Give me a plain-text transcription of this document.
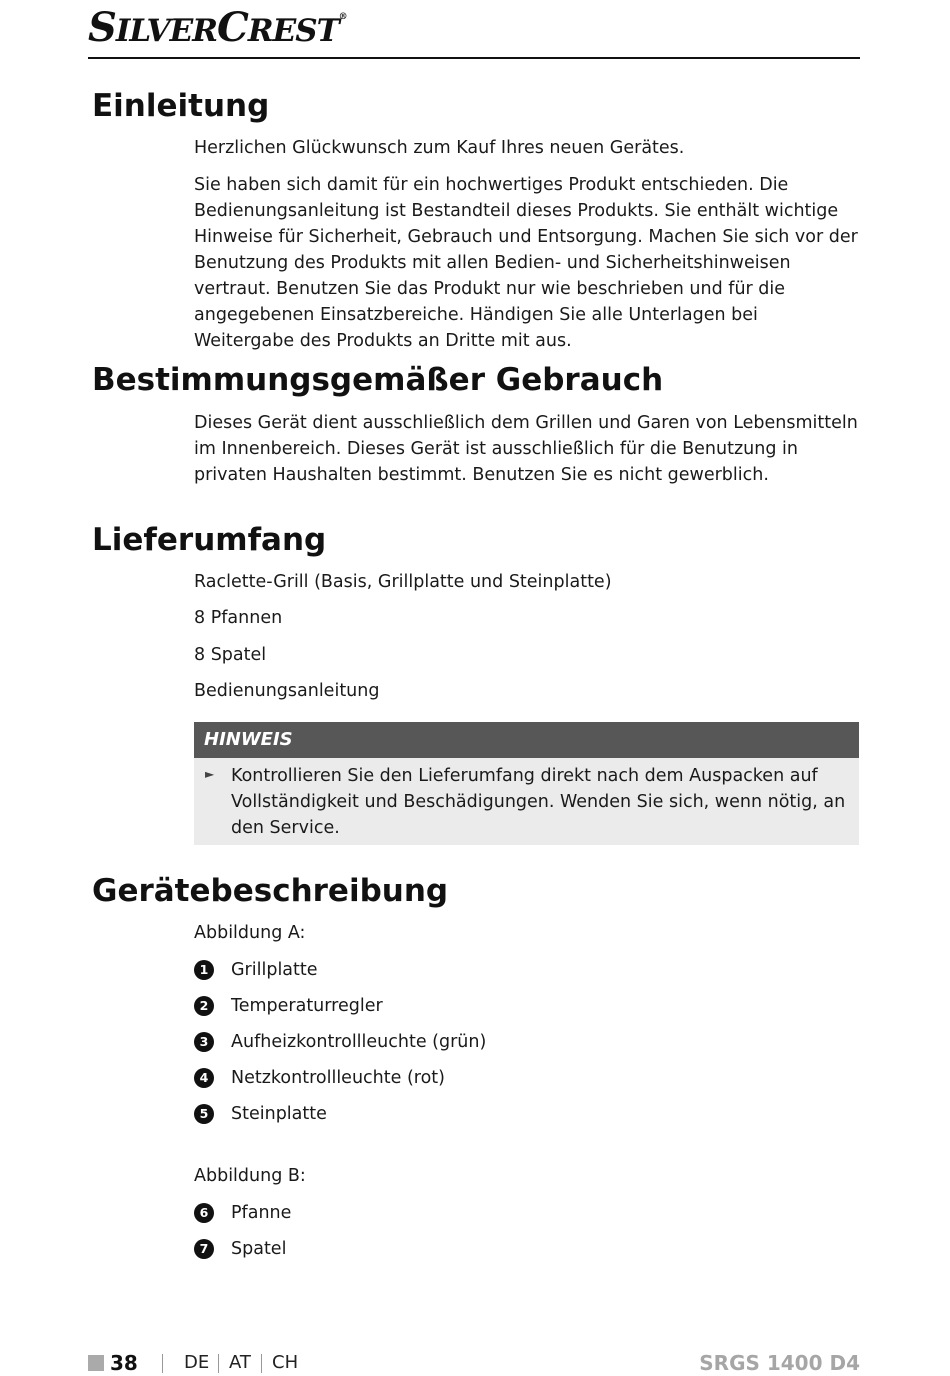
SILVERCREST®
Einleitung

Herzlichen Glückwunsch zum Kauf Ihres neuen Gerätes.

Sie haben sich damit für ein hochwertiges Produkt entschieden. Die Bedienungsanleitung ist Bestandteil dieses Produkts. Sie enthält wichtige Hinweise für Sicherheit, Gebrauch und Entsorgung. Machen Sie sich vor der Benutzung des Produkts mit allen Bedien- und Sicherheitshinweisen vertraut. Benutzen Sie das Produkt nur wie beschrieben und für die angegebenen Einsatzbereiche. Händigen Sie alle Unterlagen bei Weitergabe des Produkts an Dritte mit aus.

Bestimmungsgemäßer Gebrauch

Dieses Gerät dient ausschließlich dem Grillen und Garen von Lebensmitteln im Innenbereich. Dieses Gerät ist ausschließlich für die Benutzung in privaten Haushalten bestimmt. Benutzen Sie es nicht gewerblich.

Lieferumfang

Raclette-Grill (Basis, Grillplatte und Steinplatte)

8 Pfannen

8 Spatel

Bedienungsanleitung

HINWEIS
► Kontrollieren Sie den Lieferumfang direkt nach dem Auspacken auf Vollständigkeit und Beschädigungen. Wenden Sie sich, wenn nötig, an den Service.

Gerätebeschreibung

Abbildung A:

1	Grillplatte
2	Temperaturregler
3	Aufheizkontrollleuchte (grün)
4	Netzkontrollleuchte (rot)
5	Steinplatte

Abbildung B:

6	Pfanne
7	Spatel
38	DE AT CH	SRGS 1400 D4
